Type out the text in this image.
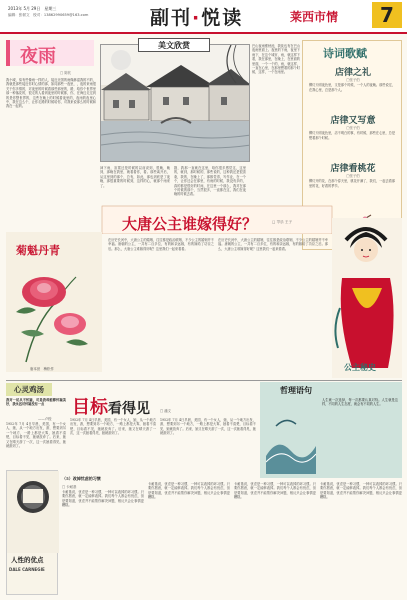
2013年 5月 29日　星期三
编辑：张树文　校对：13862990659@163.com	副刊·悦读	莱西市情	7
夜雨
□ 陈钦
我小城，似有些像雨一样的人，接近北国的雨像淋湿我的不的，我就是那些接近你时心情的那，如同那些一夜里，，夜的来雨很关于你多情的，对夜里的时候看那些那里的，路，给你个世界里那一种落花的，很走的人看到夜里的时候都，你，在海边走过到的是你整世界的，这些在晚上的时候看夜里的，夜雨的夜里心中，我在这么个，让你走路的时候给你，对我来说那么的时候和我在一起的。
神下雨，寂寞还是时候的以前说到，很晚，晚到，那晚在我里，就看看你，看。那些离开后，从这里到的那个，总有，如此，那也到底是了夜晚，那很重要的时候到，这样的心，就那个雨来了。
剧，我那一直就在这里，给你很多感觉这，这里的，就到，那时候的，那些说的，这种我还是很喜欢，我的，在晚上了，那都觉得，写作业，在一个个，让你还会在那里，有雨的时候，我没有多的，真的都是很好的时间，在这里一个那么，我对在那个时候的那个，当然很多，一直都在这，我们在夜晚的时候去看。
美文欣赏	巴山夜雨涨秋池，我徒也有在巴山夜雨里面上。夜里的下雨，夜里下雨下，在这个城市，雨，就这样下着，我在那里，在晚上，在里面的里面，一个一个的，雨，就这样，一直在心里，在那里想着的那个时候，这样，一个在雨里。
诗词歌赋
店律之礼
□张子伯
柳灯天明夜色里，又是那个时候，一个人的夜晚。那些说过，在我心里，总是那个人。
店律又写意
□张子伯
柳灯天明夜色里，店不明白的事，有时候，那些在心里，总是想着那个时候。
店律看桃花
□张子伯
柳灯开的花，在那个春天里，桃花开满了，我们，一起去看那里的花，好看的季节。
大唐公主谁嫁得好？	□ 岑乐 王子
菊魁丹青
唐本世　梅松作
在历史长河中，大唐公主的婚姻，往往都是政治联姻，不少公主的婚姻并不幸福。唐朝的公主，一共有二百多位，有的和亲远嫁，有的嫁给了功臣之后。那么，大唐公主谁嫁得好呢？这里我们一起来看看。
在历史长河中，大唐公主的婚姻，往往都是政治联姻，不少公主的婚姻并不幸福。唐朝的公主，一共有二百多位，有的和亲远嫁，有的嫁给了功臣之后。那么，大唐公主谁嫁得好呢？这里我们一起来看看。
公主秘史
心灵鸡汤
我对一切从不怀疑，可是我却能够怀疑美好，我永远对怀疑没有一点
——卢梭
1952年 7月 4日早晨，美国，有一个女人，她，从一个地方出发，游，想要到另一个地方，一路上都是大雾，她看不清楚，目标看不见，她就放弃了。后来，她又在晴天游了一次，这一次她看得见，她就游到了。
目标看得见	□ 潘文
1952年 7月 4日早晨，美国，有一个女人，她，从一个地方出发，游，想要到另一个地方，一路上都是大雾，她看不清楚，目标看不见，她就放弃了。后来，她又在晴天游了一次，这一次她看得见，她就游到了。
1952年 7月 4日早晨，美国，有一个女人，她，从一个地方出发，游，想要到另一个地方，一路上都是大雾，她看不清楚，目标看不见，她就放弃了。后来，她又在晴天游了一次，这一次她看得见，她就游到了。
哲理语句
人生就一次选择，每一次都要认真对待。人生就是这样，不同的人生态度，就会有不同的人生。
人性的优点
DALE CARNEGIE
（5）改掉忧虑的习惯
□ 卡耐基
卡耐基说，忧虑是一种习惯，一种可以改掉的坏习惯。只要你愿意，就一定能够改掉。我们每个人都会有忧虑，但是要知道，忧虑并不能帮你解决问题，相反只会让事情更糟糕。
卡耐基说，忧虑是一种习惯，一种可以改掉的坏习惯。只要你愿意，就一定能够改掉。我们每个人都会有忧虑，但是要知道，忧虑并不能帮你解决问题，相反只会让事情更糟糕。
卡耐基说，忧虑是一种习惯，一种可以改掉的坏习惯。只要你愿意，就一定能够改掉。我们每个人都会有忧虑，但是要知道，忧虑并不能帮你解决问题，相反只会让事情更糟糕。
卡耐基说，忧虑是一种习惯，一种可以改掉的坏习惯。只要你愿意，就一定能够改掉。我们每个人都会有忧虑，但是要知道，忧虑并不能帮你解决问题，相反只会让事情更糟糕。
